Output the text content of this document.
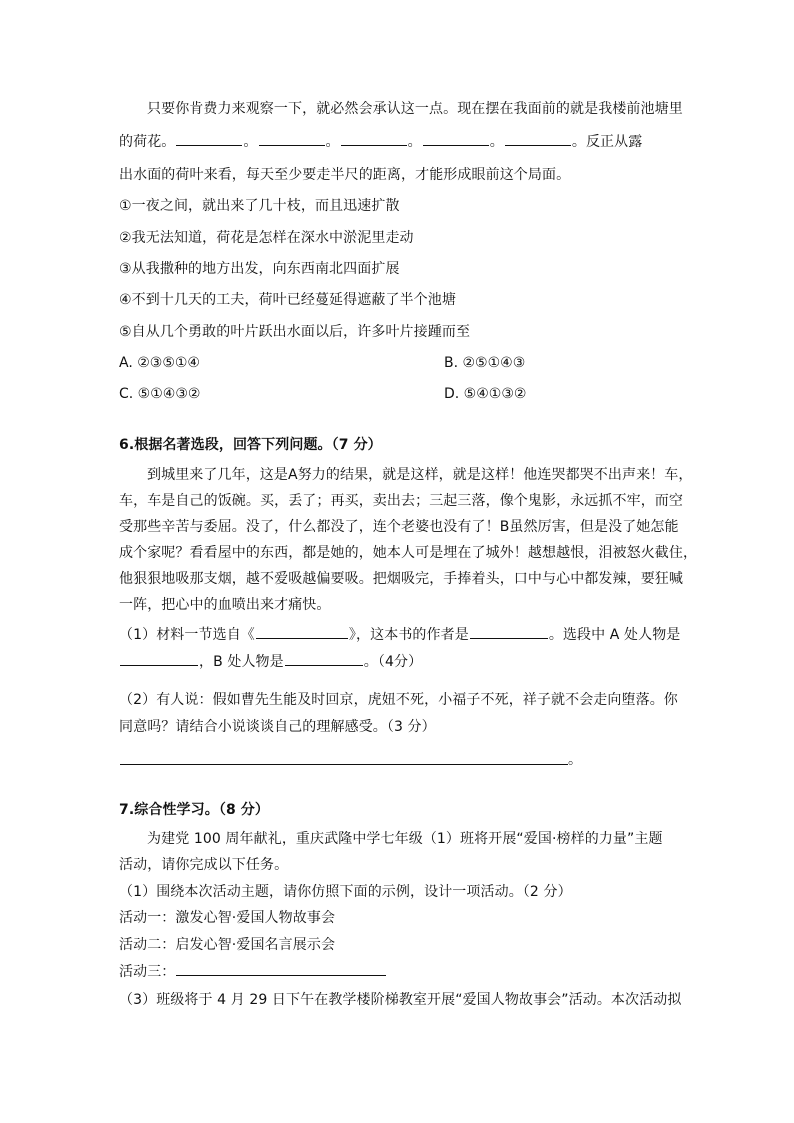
只要你肯费力来观察一下，就必然会承认这一点。现在摆在我面前的就是我楼前池塘里
的荷花。	。	。	。	。	。反正从露
出水面的荷叶来看，每天至少要走半尺的距离，才能形成眼前这个局面。
①一夜之间，就出来了几十枝，而且迅速扩散
②我无法知道，荷花是怎样在深水中淤泥里走动
③从我撒种的地方出发，向东西南北四面扩展
④不到十几天的工夫，荷叶已经蔓延得遮蔽了半个池塘
⑤自从几个勇敢的叶片跃出水面以后，许多叶片接踵而至
A. ②③⑤①④	B. ②⑤①④③
C. ⑤①④③②	D. ⑤④①③②
6.根据名著选段，回答下列问题。（7 分）
到城里来了几年，这是A努力的结果，就是这样，就是这样！他连哭都哭不出声来！车，
车，车是自己的饭碗。买，丢了；再买，卖出去；三起三落，像个鬼影，永远抓不牢，而空
受那些辛苦与委屈。没了，什么都没了，连个老婆也没有了！B虽然厉害，但是没了她怎能
成个家呢？看看屋中的东西，都是她的，她本人可是埋在了城外！越想越恨，泪被怒火截住，
他狠狠地吸那支烟，越不爱吸越偏要吸。把烟吸完，手捧着头，口中与心中都发辣，要狂喊
一阵，把心中的血喷出来才痛快。
（1）材料一节选自《	》，这本书的作者是	。选段中 A 处人物是
，B 处人物是	。（4分）
（2）有人说：假如曹先生能及时回京，虎妞不死，小福子不死，祥子就不会走向堕落。你
同意吗？请结合小说谈谈自己的理解感受。（3 分）
。
7.综合性学习。（8 分）
为建党 100 周年献礼，重庆武隆中学七年级（1）班将开展“爱国·榜样的力量”主题
活动，请你完成以下任务。
（1）围绕本次活动主题，请你仿照下面的示例，设计一项活动。（2 分）
活动一：激发心智·爱国人物故事会
活动二：启发心智·爱国名言展示会
活动三：
（3）班级将于 4 月 29 日下午在教学楼阶梯教室开展“爱国人物故事会”活动。本次活动拟
